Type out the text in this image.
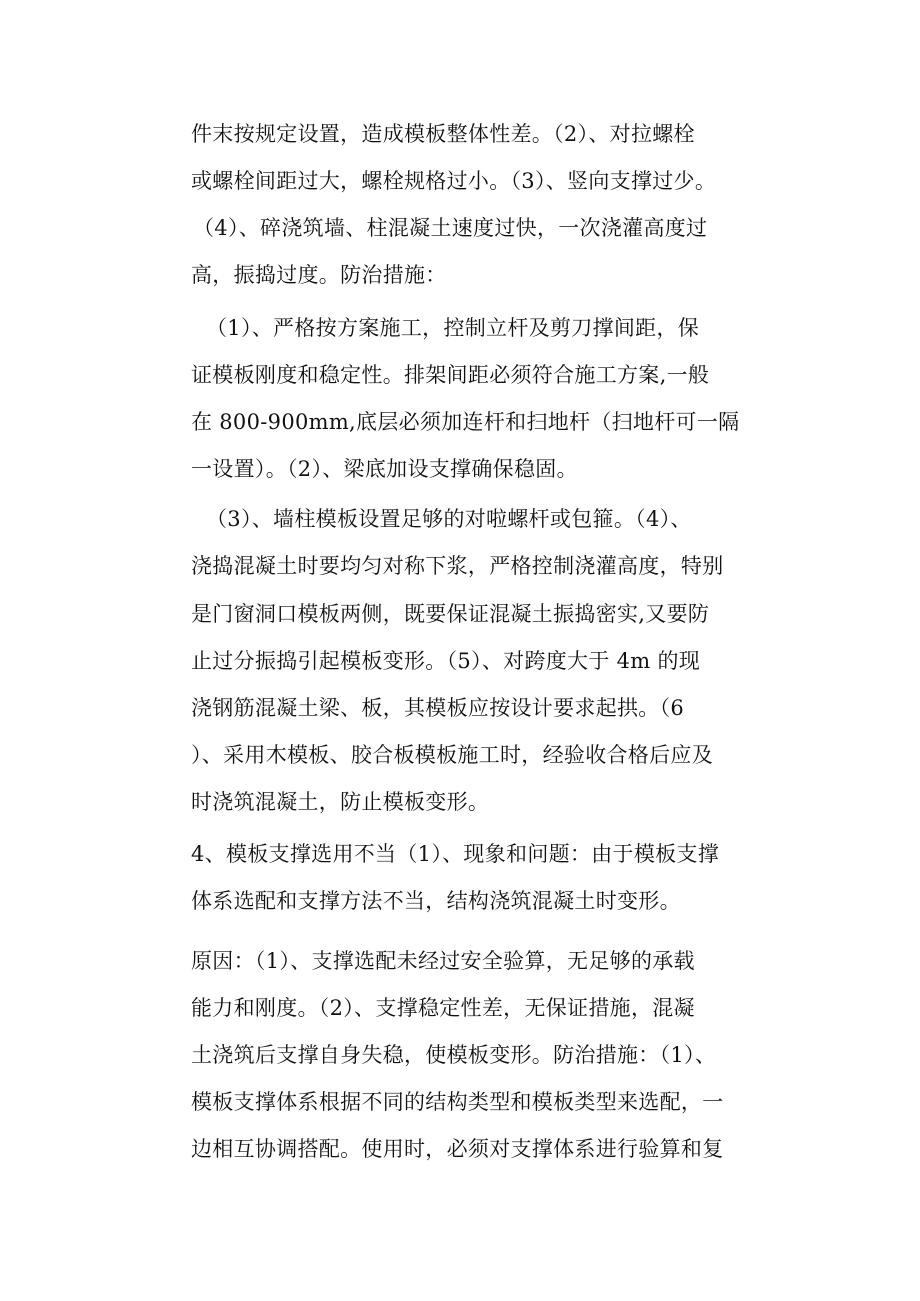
件末按规定设置，造成模板整体性差。（2）、对拉螺栓
或螺栓间距过大，螺栓规格过小。（3）、竖向支撑过少。
（4）、碎浇筑墙、柱混凝土速度过快，一次浇灌高度过
高，振捣过度。防治措施：
（1）、严格按方案施工，控制立杆及剪刀撑间距，保
证模板刚度和稳定性。排架间距必须符合施工方案,一般
在 800-900mm,底层必须加连杆和扫地杆（扫地杆可一隔
一设置）。（2）、梁底加设支撑确保稳固。
（3）、墙柱模板设置足够的对啦螺杆或包箍。（4）、
浇捣混凝土时要均匀对称下浆，严格控制浇灌高度，特别
是门窗洞口模板两侧，既要保证混凝土振捣密实,又要防
止过分振捣引起模板变形。（5）、对跨度大于 4m 的现
浇钢筋混凝土梁、板，其模板应按设计要求起拱。（6
）、采用木模板、胶合板模板施工时，经验收合格后应及
时浇筑混凝土，防止模板变形。
4、模板支撑选用不当（1）、现象和问题：由于模板支撑
体系选配和支撑方法不当，结构浇筑混凝土时变形。
原因：（1）、支撑选配未经过安全验算，无足够的承载
能力和刚度。（2）、支撑稳定性差，无保证措施，混凝
土浇筑后支撑自身失稳，使模板变形。防治措施：（1）、
模板支撑体系根据不同的结构类型和模板类型来选配，一
边相互协调搭配。使用时，必须对支撑体系进行验算和复
